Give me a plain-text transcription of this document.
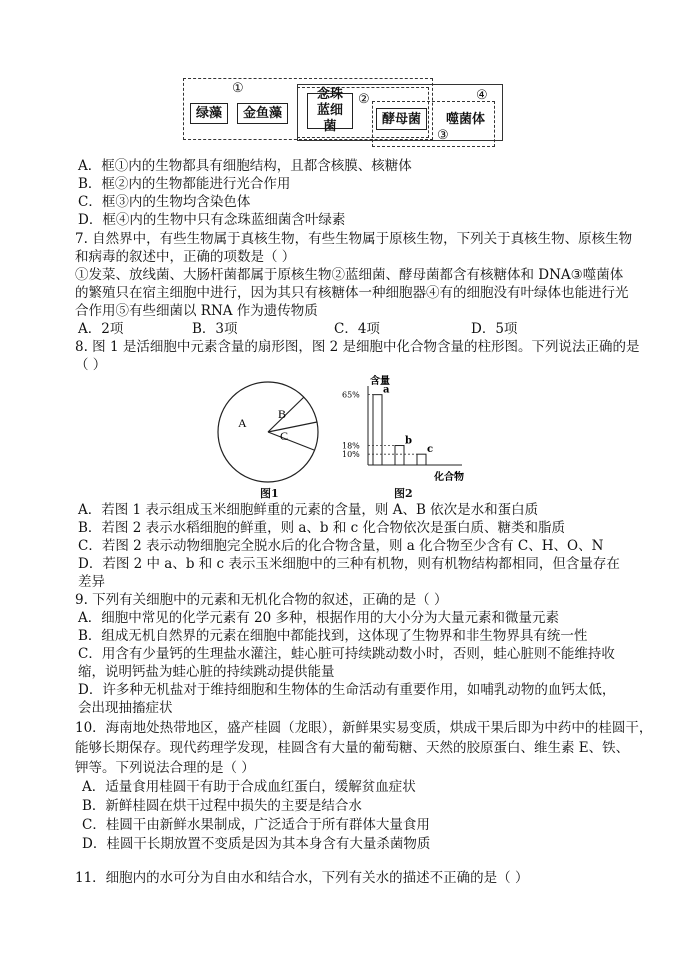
①
②	④
③
绿藻 金鱼藻
念珠蓝细菌	酵母菌 噬菌体
A．框①内的生物都具有细胞结构，且都含核膜、核糖体
B．框②内的生物都能进行光合作用
C．框③内的生物均含染色体
D．框④内的生物中只有念珠蓝细菌含叶绿素
7. 自然界中，有些生物属于真核生物，有些生物属于原核生物，下列关于真核生物、原核生物
和病毒的叙述中，正确的项数是（ ）
①发菜、放线菌、大肠杆菌都属于原核生物②蓝细菌、酵母菌都含有核糖体和 DNA③噬菌体
的繁殖只在宿主细胞中进行，因为其只有核糖体一种细胞器④有的细胞没有叶绿体也能进行光
合作用⑤有些细菌以 RNA 作为遗传物质
A．2项	B．3项	C．4项	D．5项
8. 图 1 是活细胞中元素含量的扇形图，图 2 是细胞中化合物含量的柱形图。下列说法正确的是
（ ）
A
B
C
图1
含量
65% a
18%	b
10%	c
化合物
图2
A．若图 1 表示组成玉米细胞鲜重的元素的含量，则 A、B 依次是水和蛋白质
B．若图 2 表示水稻细胞的鲜重，则 a、b 和 c 化合物依次是蛋白质、糖类和脂质
C．若图 2 表示动物细胞完全脱水后的化合物含量，则 a 化合物至少含有 C、H、O、N
D．若图 2 中 a、b 和 c 表示玉米细胞中的三种有机物，则有机物结构都相同，但含量存在
差异
9. 下列有关细胞中的元素和无机化合物的叙述，正确的是（ ）
A．细胞中常见的化学元素有 20 多种，根据作用的大小分为大量元素和微量元素
B．组成无机自然界的元素在细胞中都能找到，这体现了生物界和非生物界具有统一性
C．用含有少量钙的生理盐水灌注，蛙心脏可持续跳动数小时，否则，蛙心脏则不能维持收
缩，说明钙盐为蛙心脏的持续跳动提供能量
D．许多种无机盐对于维持细胞和生物体的生命活动有重要作用，如哺乳动物的血钙太低，
会出现抽搐症状
10．海南地处热带地区，盛产桂圆（龙眼），新鲜果实易变质，烘成干果后即为中药中的桂圆干，
能够长期保存。现代药理学发现，桂圆含有大量的葡萄糖、天然的胶原蛋白、维生素 E、铁、
钾等。下列说法合理的是（ ）
A．适量食用桂圆干有助于合成血红蛋白，缓解贫血症状
B．新鲜桂圆在烘干过程中损失的主要是结合水
C．桂圆干由新鲜水果制成，广泛适合于所有群体大量食用
D．桂圆干长期放置不变质是因为其本身含有大量杀菌物质
11．细胞内的水可分为自由水和结合水，下列有关水的描述不正确的是（ ）
